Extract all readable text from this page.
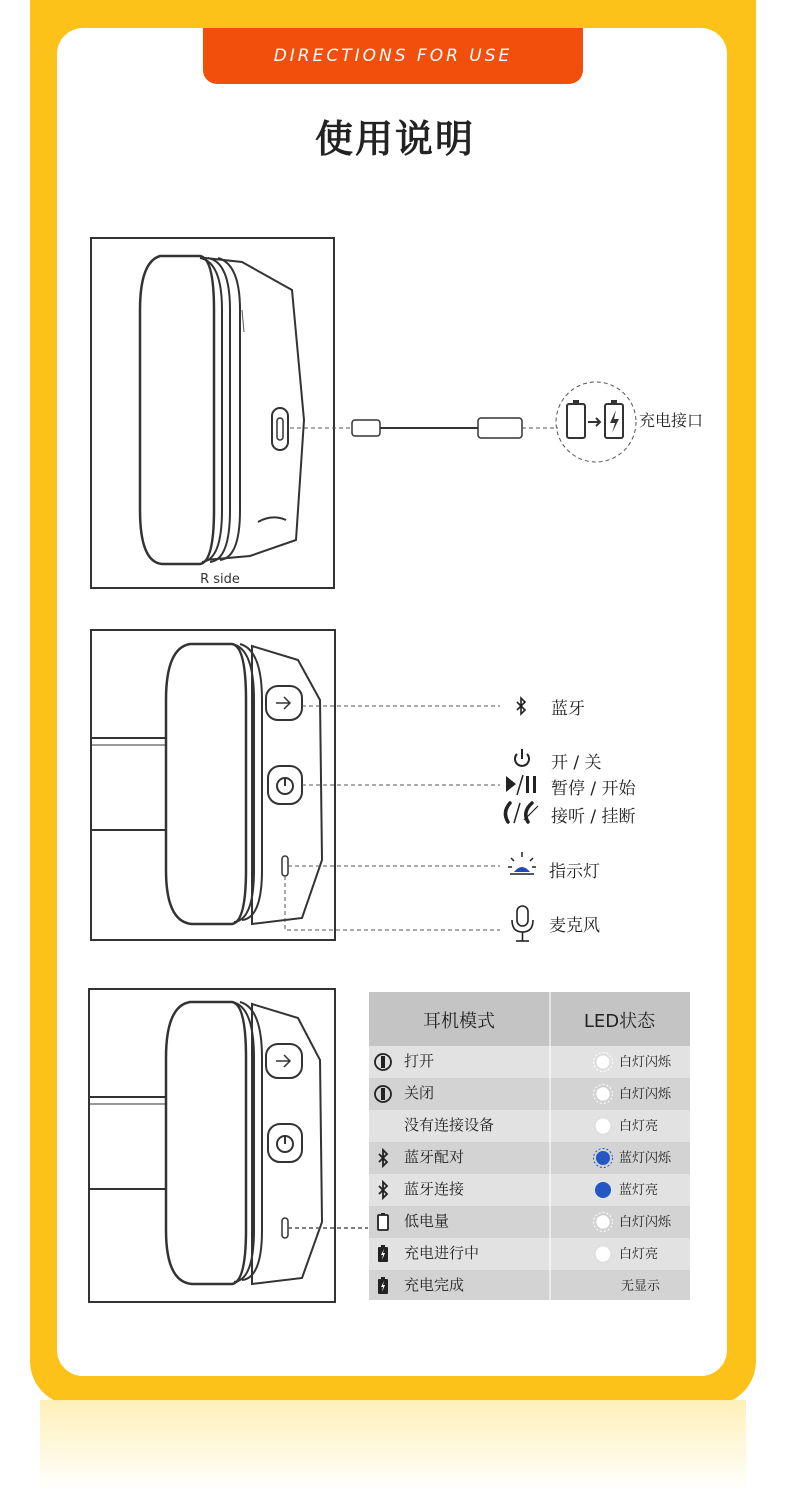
DIRECTIONS FOR USE
使用说明
R side
充电接口
蓝牙
开 / 关
暂停 / 开始
接听 / 挂断
指示灯
麦克风
耳机模式	LED状态
打开	白灯闪烁
关闭	白灯闪烁
没有连接设备	白灯亮
蓝牙配对	蓝灯闪烁
蓝牙连接	蓝灯亮
低电量	白灯闪烁
充电进行中	白灯亮
充电完成	无显示
